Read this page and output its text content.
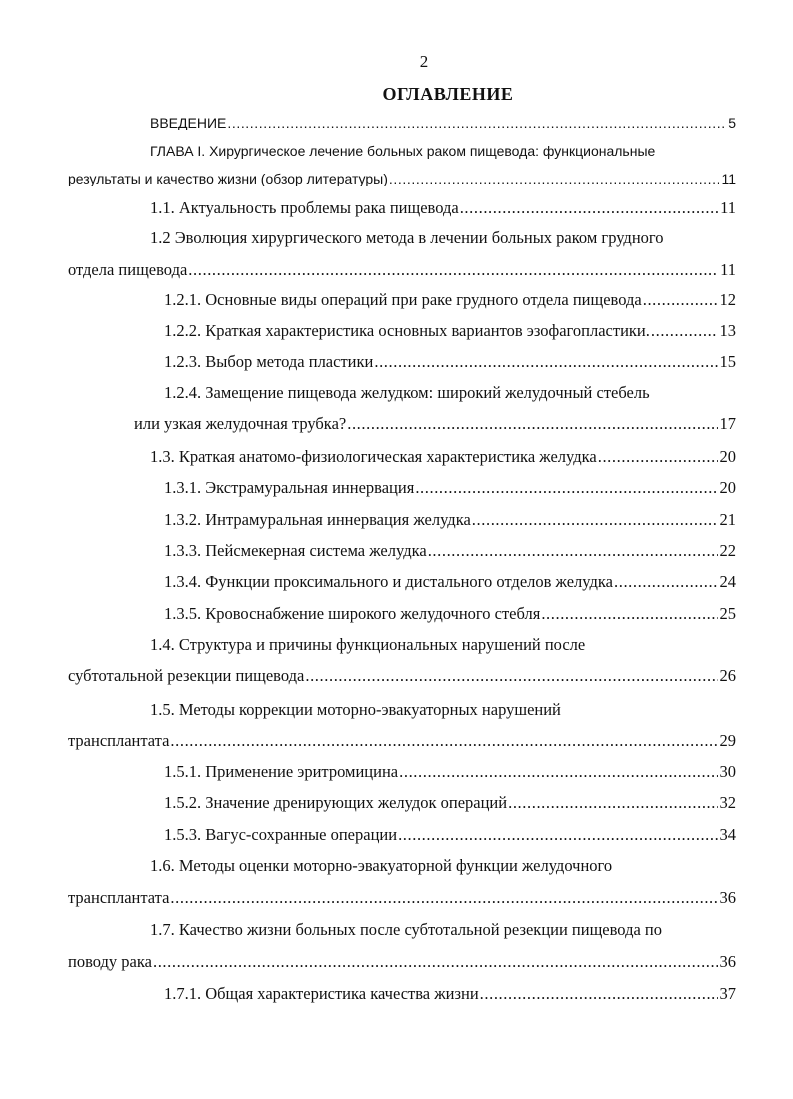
2
ОГЛАВЛЕНИЕ
ВВЕДЕНИЕ .....	5
ГЛАВА I. Хирургическое лечение больных раком пищевода: функциональные
результаты и качество жизни (обзор литературы) .....	11
1.1. Актуальность проблемы рака пищевода .....	11
1.2 Эволюция хирургического метода в лечении больных раком грудного
отдела пищевода .....	11
1.2.1. Основные виды операций при раке грудного отдела пищевода .....	12
1.2.2. Краткая характеристика основных вариантов эзофагопластики. .....	13
1.2.3. Выбор метода пластики .....	15
1.2.4. Замещение пищевода желудком: широкий желудочный стебель
или узкая желудочная трубка? .....	17
1.3. Краткая анатомо-физиологическая характеристика желудка .....	20
1.3.1. Экстрамуральная иннервация .....	20
1.3.2. Интрамуральная иннервация желудка .....	21
1.3.3. Пейсмекерная система желудка .....	22
1.3.4. Функции проксимального и дистального отделов желудка .....	24
1.3.5. Кровоснабжение широкого желудочного стебля .....	25
1.4. Структура и причины функциональных нарушений после
субтотальной резекции пищевода .....	26
1.5. Методы коррекции моторно-эвакуаторных нарушений
трансплантата .....	29
1.5.1. Применение эритромицина .....	30
1.5.2. Значение дренирующих желудок операций .....	32
1.5.3. Вагус-сохранные операции .....	34
1.6. Методы оценки моторно-эвакуаторной функции желудочного
трансплантата .....	36
1.7. Качество жизни больных после субтотальной резекции пищевода по
поводу рака .....	36
1.7.1. Общая характеристика качества жизни .....	37
